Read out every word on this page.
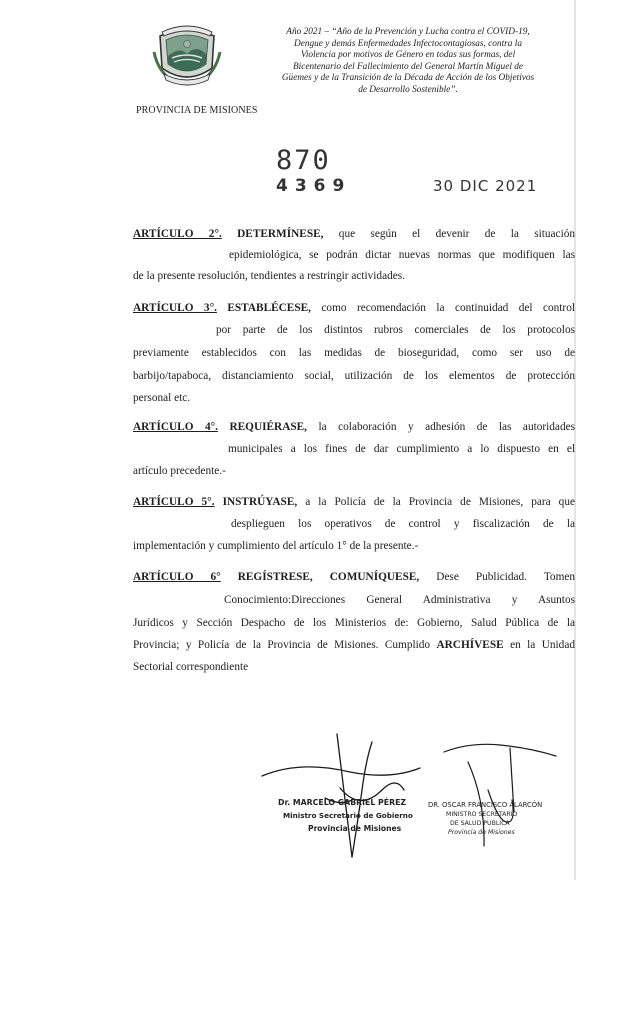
PROVINCIA DE MISIONES
Año 2021 – “Año de la Prevención y Lucha contra el COVID-19,
Dengue y demás Enfermedades Infectocontagiosas, contra la
Violencia por motivos de Género en todas sus formas, del
Bicentenario del Fallecimiento del General Martín Miguel de
Güemes y de la Transición de la Década de Acción de los Objetivos
de Desarrollo Sostenible”.
870
4369	30 DIC 2021
ARTÍCULO 2°. DETERMÍNESE, que según el devenir de la situación
epidemiológica, se podrán dictar nuevas normas que modifiquen las
de la presente resolución, tendientes a restringir actividades.
ARTÍCULO 3°. ESTABLÉCESE, como recomendación la continuidad del control
por parte de los distintos rubros comerciales de los protocolos
previamente establecidos con las medidas de bioseguridad, como ser uso de
barbijo/tapaboca, distanciamiento social, utilización de los elementos de protección
personal etc.
ARTÍCULO 4°. REQUIÉRASE, la colaboración y adhesión de las autoridades
municipales a los fines de dar cumplimiento a lo dispuesto en el
artículo precedente.-
ARTÍCULO 5°. INSTRÚYASE, a la Policía de la Provincia de Misiones, para que
desplieguen los operativos de control y fiscalización de la
implementación y cumplimiento del artículo 1° de la presente.-
ARTÍCULO 6° REGÍSTRESE, COMUNÍQUESE, Dese Publicidad. Tomen
Conocimiento:Direcciones General Administrativa y Asuntos
Jurídicos y Sección Despacho de los Ministerios de: Gobierno, Salud Pública de la
Provincia; y Policía de la Provincia de Misiones. Cumplido ARCHÍVESE en la Unidad
Sectorial correspondiente
Dr. MARCELO GABRIEL PÉREZ
Ministro Secretario de Gobierno
Provincia de Misiones
DR. OSCAR FRANCISCO ALARCÓN
MINISTRO SECRETARIO
DE SALUD PUBLICA
Provincia de Misiones
